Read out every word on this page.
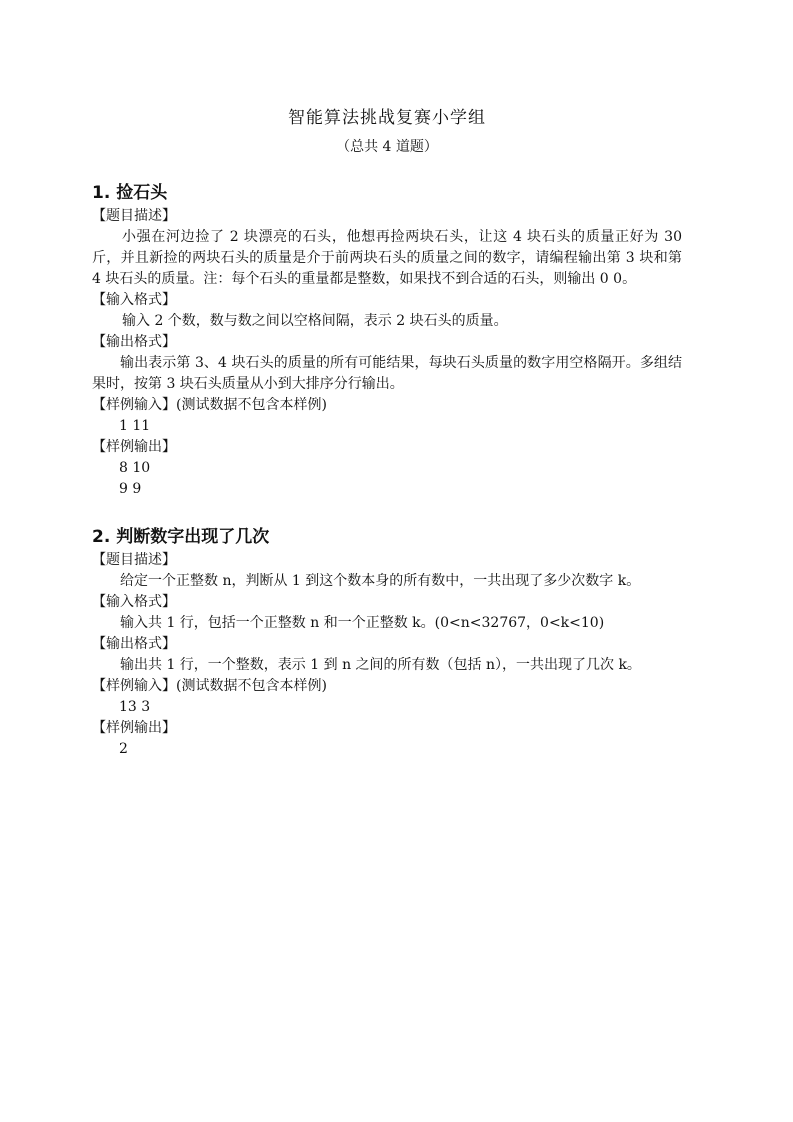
智能算法挑战复赛小学组

（总共 4 道题）

1. 捡石头

【题目描述】

小强在河边捡了 2 块漂亮的石头，他想再捡两块石头，让这 4 块石头的质量正好为 30 斤，并且新捡的两块石头的质量是介于前两块石头的质量之间的数字，请编程输出第 3 块和第 4 块石头的质量。注：每个石头的重量都是整数，如果找不到合适的石头，则输出 0 0。

【输入格式】

输入 2 个数，数与数之间以空格间隔，表示 2 块石头的质量。

【输出格式】

输出表示第 3、4 块石头的质量的所有可能结果，每块石头质量的数字用空格隔开。多组结果时，按第 3 块石头质量从小到大排序分行输出。

【样例输入】(测试数据不包含本样例)

1 11

【样例输出】

8 10

9 9

2. 判断数字出现了几次

【题目描述】

给定一个正整数 n，判断从 1 到这个数本身的所有数中，一共出现了多少次数字 k。

【输入格式】

输入共 1 行，包括一个正整数 n 和一个正整数 k。(0<n<32767，0<k<10)

【输出格式】

输出共 1 行，一个整数，表示 1 到 n 之间的所有数（包括 n），一共出现了几次 k。

【样例输入】(测试数据不包含本样例)

13 3

【样例输出】

2
